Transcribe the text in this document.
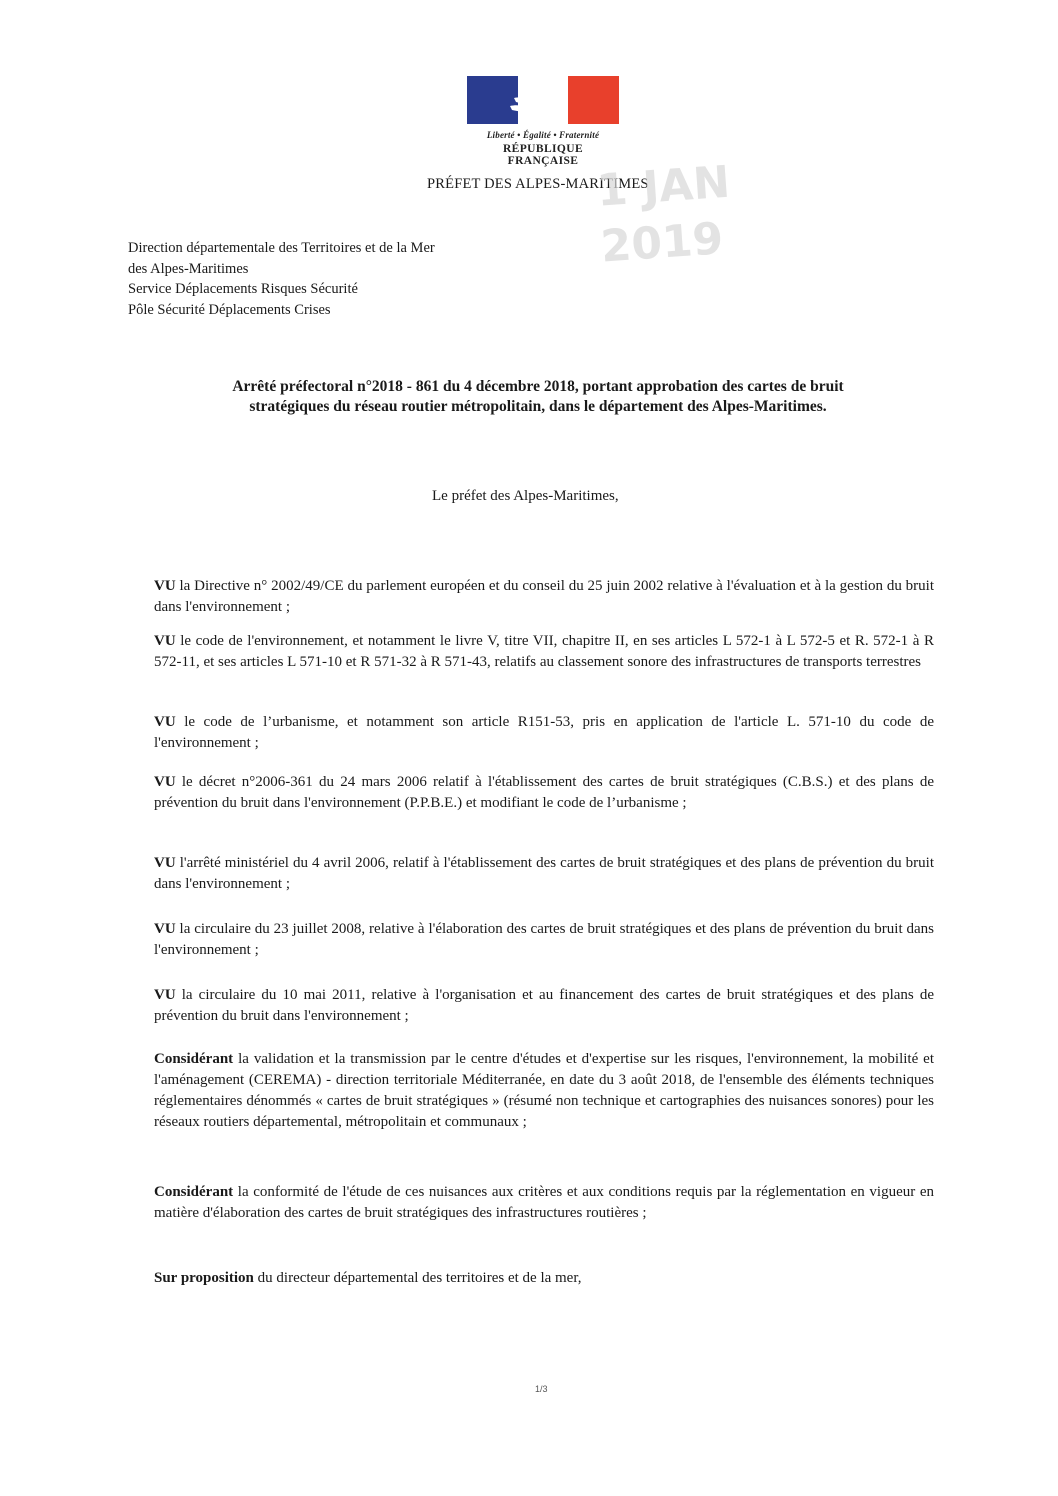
Liberté • Égalité • Fraternité
RÉPUBLIQUE FRANÇAISE
PRÉFET DES ALPES-MARITIMES
1 JAN 2019
Direction départementale des Territoires et de la Mer
des Alpes-Maritimes
Service Déplacements Risques Sécurité
Pôle Sécurité Déplacements Crises
Arrêté préfectoral n°2018 - 861 du 4 décembre 2018, portant approbation des cartes de bruit
stratégiques du réseau routier métropolitain, dans le département des Alpes-Maritimes.
Le préfet des Alpes-Maritimes,

VU la Directive n° 2002/49/CE du parlement européen et du conseil du 25 juin 2002 relative à l'évaluation et à la gestion du bruit dans l'environnement ;

VU le code de l'environnement, et notamment le livre V, titre VII, chapitre II, en ses articles L 572-1 à L 572-5 et R. 572-1 à R 572-11, et ses articles L 571-10 et R 571-32 à R 571-43, relatifs au classement sonore des infrastructures de transports terrestres

VU le code de l’urbanisme, et notamment son article R151-53, pris en application de l'article L. 571-10 du code de l'environnement ;

VU le décret n°2006-361 du 24 mars 2006 relatif à l'établissement des cartes de bruit stratégiques (C.B.S.) et des plans de prévention du bruit dans l'environnement (P.P.B.E.) et modifiant le code de l’urbanisme ;

VU l'arrêté ministériel du 4 avril 2006, relatif à l'établissement des cartes de bruit stratégiques et des plans de prévention du bruit dans l'environnement ;

VU la circulaire du 23 juillet 2008, relative à l'élaboration des cartes de bruit stratégiques et des plans de prévention du bruit dans l'environnement ;

VU la circulaire du 10 mai 2011, relative à l'organisation et au financement des cartes de bruit stratégiques et des plans de prévention du bruit dans l'environnement ;

Considérant la validation et la transmission par le centre d'études et d'expertise sur les risques, l'environnement, la mobilité et l'aménagement (CEREMA) - direction territoriale Méditerranée, en date du 3 août 2018, de l'ensemble des éléments techniques réglementaires dénommés « cartes de bruit stratégiques » (résumé non technique et cartographies des nuisances sonores) pour les réseaux routiers départemental, métropolitain et communaux ;

Considérant la conformité de l'étude de ces nuisances aux critères et aux conditions requis par la réglementation en vigueur en matière d'élaboration des cartes de bruit stratégiques des infrastructures routières ;

Sur proposition du directeur départemental des territoires et de la mer,

1/3
